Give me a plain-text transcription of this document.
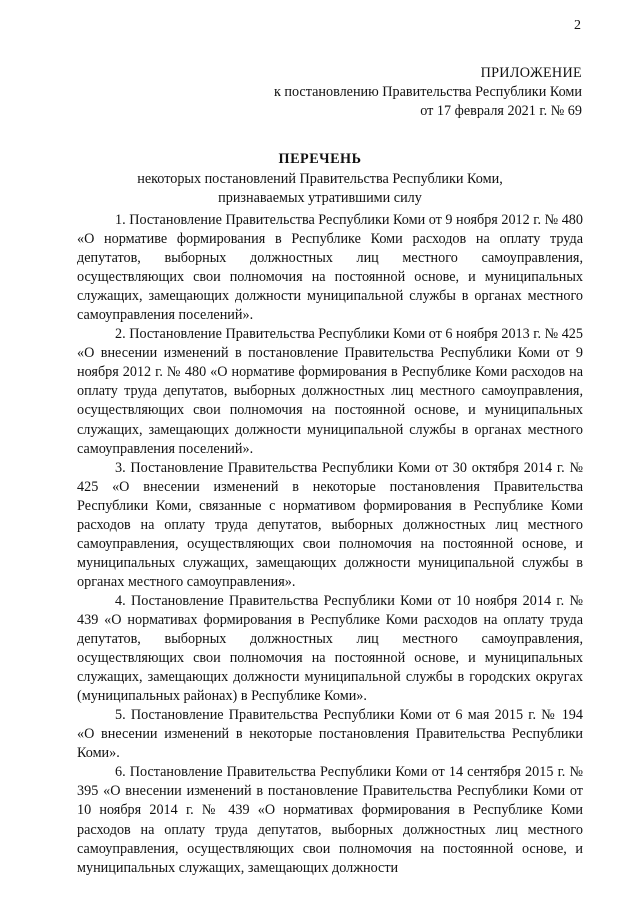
2
ПРИЛОЖЕНИЕ
к постановлению Правительства Республики Коми
от 17 февраля 2021 г. № 69
ПЕРЕЧЕНЬ
некоторых постановлений Правительства Республики Коми,
признаваемых утратившими силу

1. Постановление Правительства Республики Коми от 9 ноября 2012 г. № 480 «О нормативе формирования в Республике Коми расходов на оплату труда депутатов, выборных должностных лиц местного самоуправления, осуществляющих свои полномочия на постоянной основе, и муниципальных служащих, замещающих должности муниципальной службы в органах местного самоуправления поселений».

2. Постановление Правительства Республики Коми от 6 ноября 2013 г. № 425 «О внесении изменений в постановление Правительства Республики Коми от 9 ноября 2012 г. № 480 «О нормативе формирования в Республике Коми расходов на оплату труда депутатов, выборных должностных лиц местного самоуправления, осуществляющих свои полномочия на постоянной основе, и муниципальных служащих, замещающих должности муниципальной службы в органах местного самоуправления поселений».

3. Постановление Правительства Республики Коми от 30 октября 2014 г. № 425 «О внесении изменений в некоторые постановления Правительства Республики Коми, связанные с нормативом формирования в Республике Коми расходов на оплату труда депутатов, выборных должностных лиц местного самоуправления, осуществляющих свои полномочия на постоянной основе, и муниципальных служащих, замещающих должности муниципальной службы в органах местного самоуправления».

4. Постановление Правительства Республики Коми от 10 ноября 2014 г. № 439 «О нормативах формирования в Республике Коми расходов на оплату труда депутатов, выборных должностных лиц местного самоуправления, осуществляющих свои полномочия на постоянной основе, и муниципальных служащих, замещающих должности муниципальной службы в городских округах (муниципальных районах) в Республике Коми».

5. Постановление Правительства Республики Коми от 6 мая 2015 г. № 194 «О внесении изменений в некоторые постановления Правительства Республики Коми».

6. Постановление Правительства Республики Коми от 14 сентября 2015 г. № 395 «О внесении изменений в постановление Правительства Республики Коми от 10 ноября 2014 г. № 439 «О нормативах формирования в Республике Коми расходов на оплату труда депутатов, выборных должностных лиц местного самоуправления, осуществляющих свои полномочия на постоянной основе, и муниципальных служащих, замещающих должности
